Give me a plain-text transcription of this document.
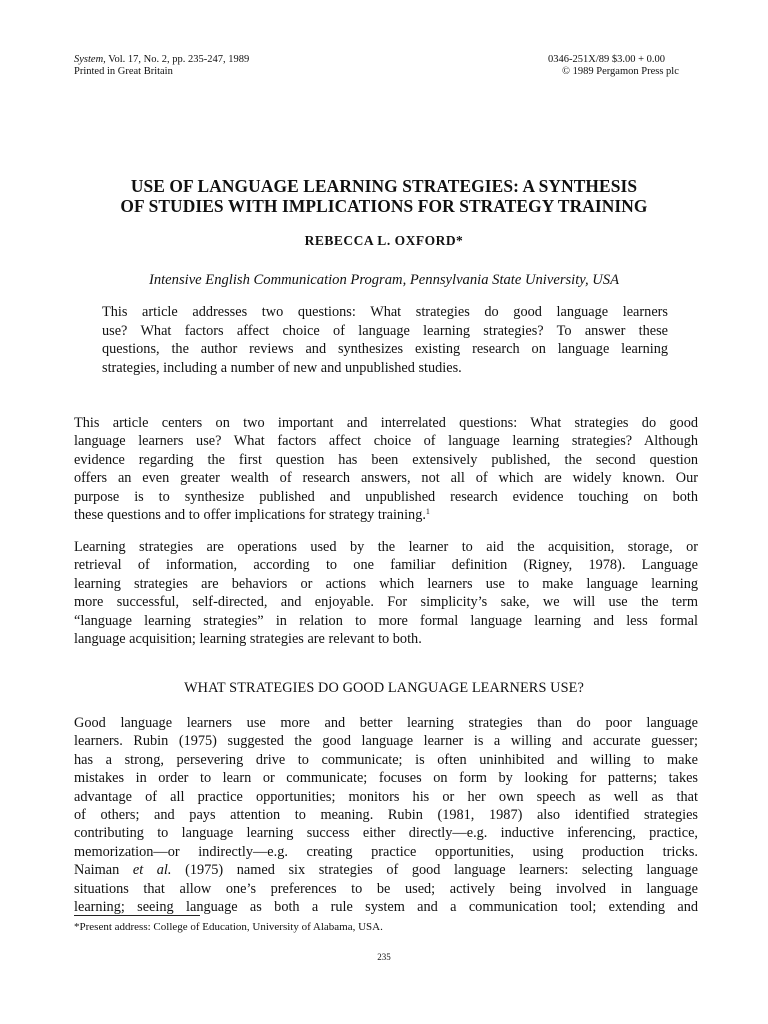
System, Vol. 17, No. 2, pp. 235-247, 1989
Printed in Great Britain
0346-251X/89 $3.00 + 0.00
© 1989 Pergamon Press plc
USE OF LANGUAGE LEARNING STRATEGIES: A SYNTHESIS
OF STUDIES WITH IMPLICATIONS FOR STRATEGY TRAINING
REBECCA L. OXFORD*
Intensive English Communication Program, Pennsylvania State University, USA
This article addresses two questions: What strategies do good language learners
use? What factors affect choice of language learning strategies? To answer these
questions, the author reviews and synthesizes existing research on language learning
strategies, including a number of new and unpublished studies.
This article centers on two important and interrelated questions: What strategies do good
language learners use? What factors affect choice of language learning strategies? Although
evidence regarding the first question has been extensively published, the second question
offers an even greater wealth of research answers, not all of which are widely known. Our
purpose is to synthesize published and unpublished research evidence touching on both
these questions and to offer implications for strategy training.$^1$
Learning strategies are operations used by the learner to aid the acquisition, storage, or
retrieval of information, according to one familiar definition (Rigney, 1978). Language
learning strategies are behaviors or actions which learners use to make language learning
more successful, self-directed, and enjoyable. For simplicity’s sake, we will use the term
“language learning strategies” in relation to more formal language learning and less formal
language acquisition; learning strategies are relevant to both.
WHAT STRATEGIES DO GOOD LANGUAGE LEARNERS USE?
Good language learners use more and better learning strategies than do poor language
learners. Rubin (1975) suggested the good language learner is a willing and accurate guesser;
has a strong, persevering drive to communicate; is often uninhibited and willing to make
mistakes in order to learn or communicate; focuses on form by looking for patterns; takes
advantage of all practice opportunities; monitors his or her own speech as well as that
of others; and pays attention to meaning. Rubin (1981, 1987) also identified strategies
contributing to language learning success either directly—e.g. inductive inferencing, practice,
memorization—or indirectly—e.g. creating practice opportunities, using production tricks.
Naiman et al. (1975) named six strategies of good language learners: selecting language
situations that allow one’s preferences to be used; actively being involved in language
learning; seeing language as both a rule system and a communication tool; extending and
*Present address: College of Education, University of Alabama, USA.
235
